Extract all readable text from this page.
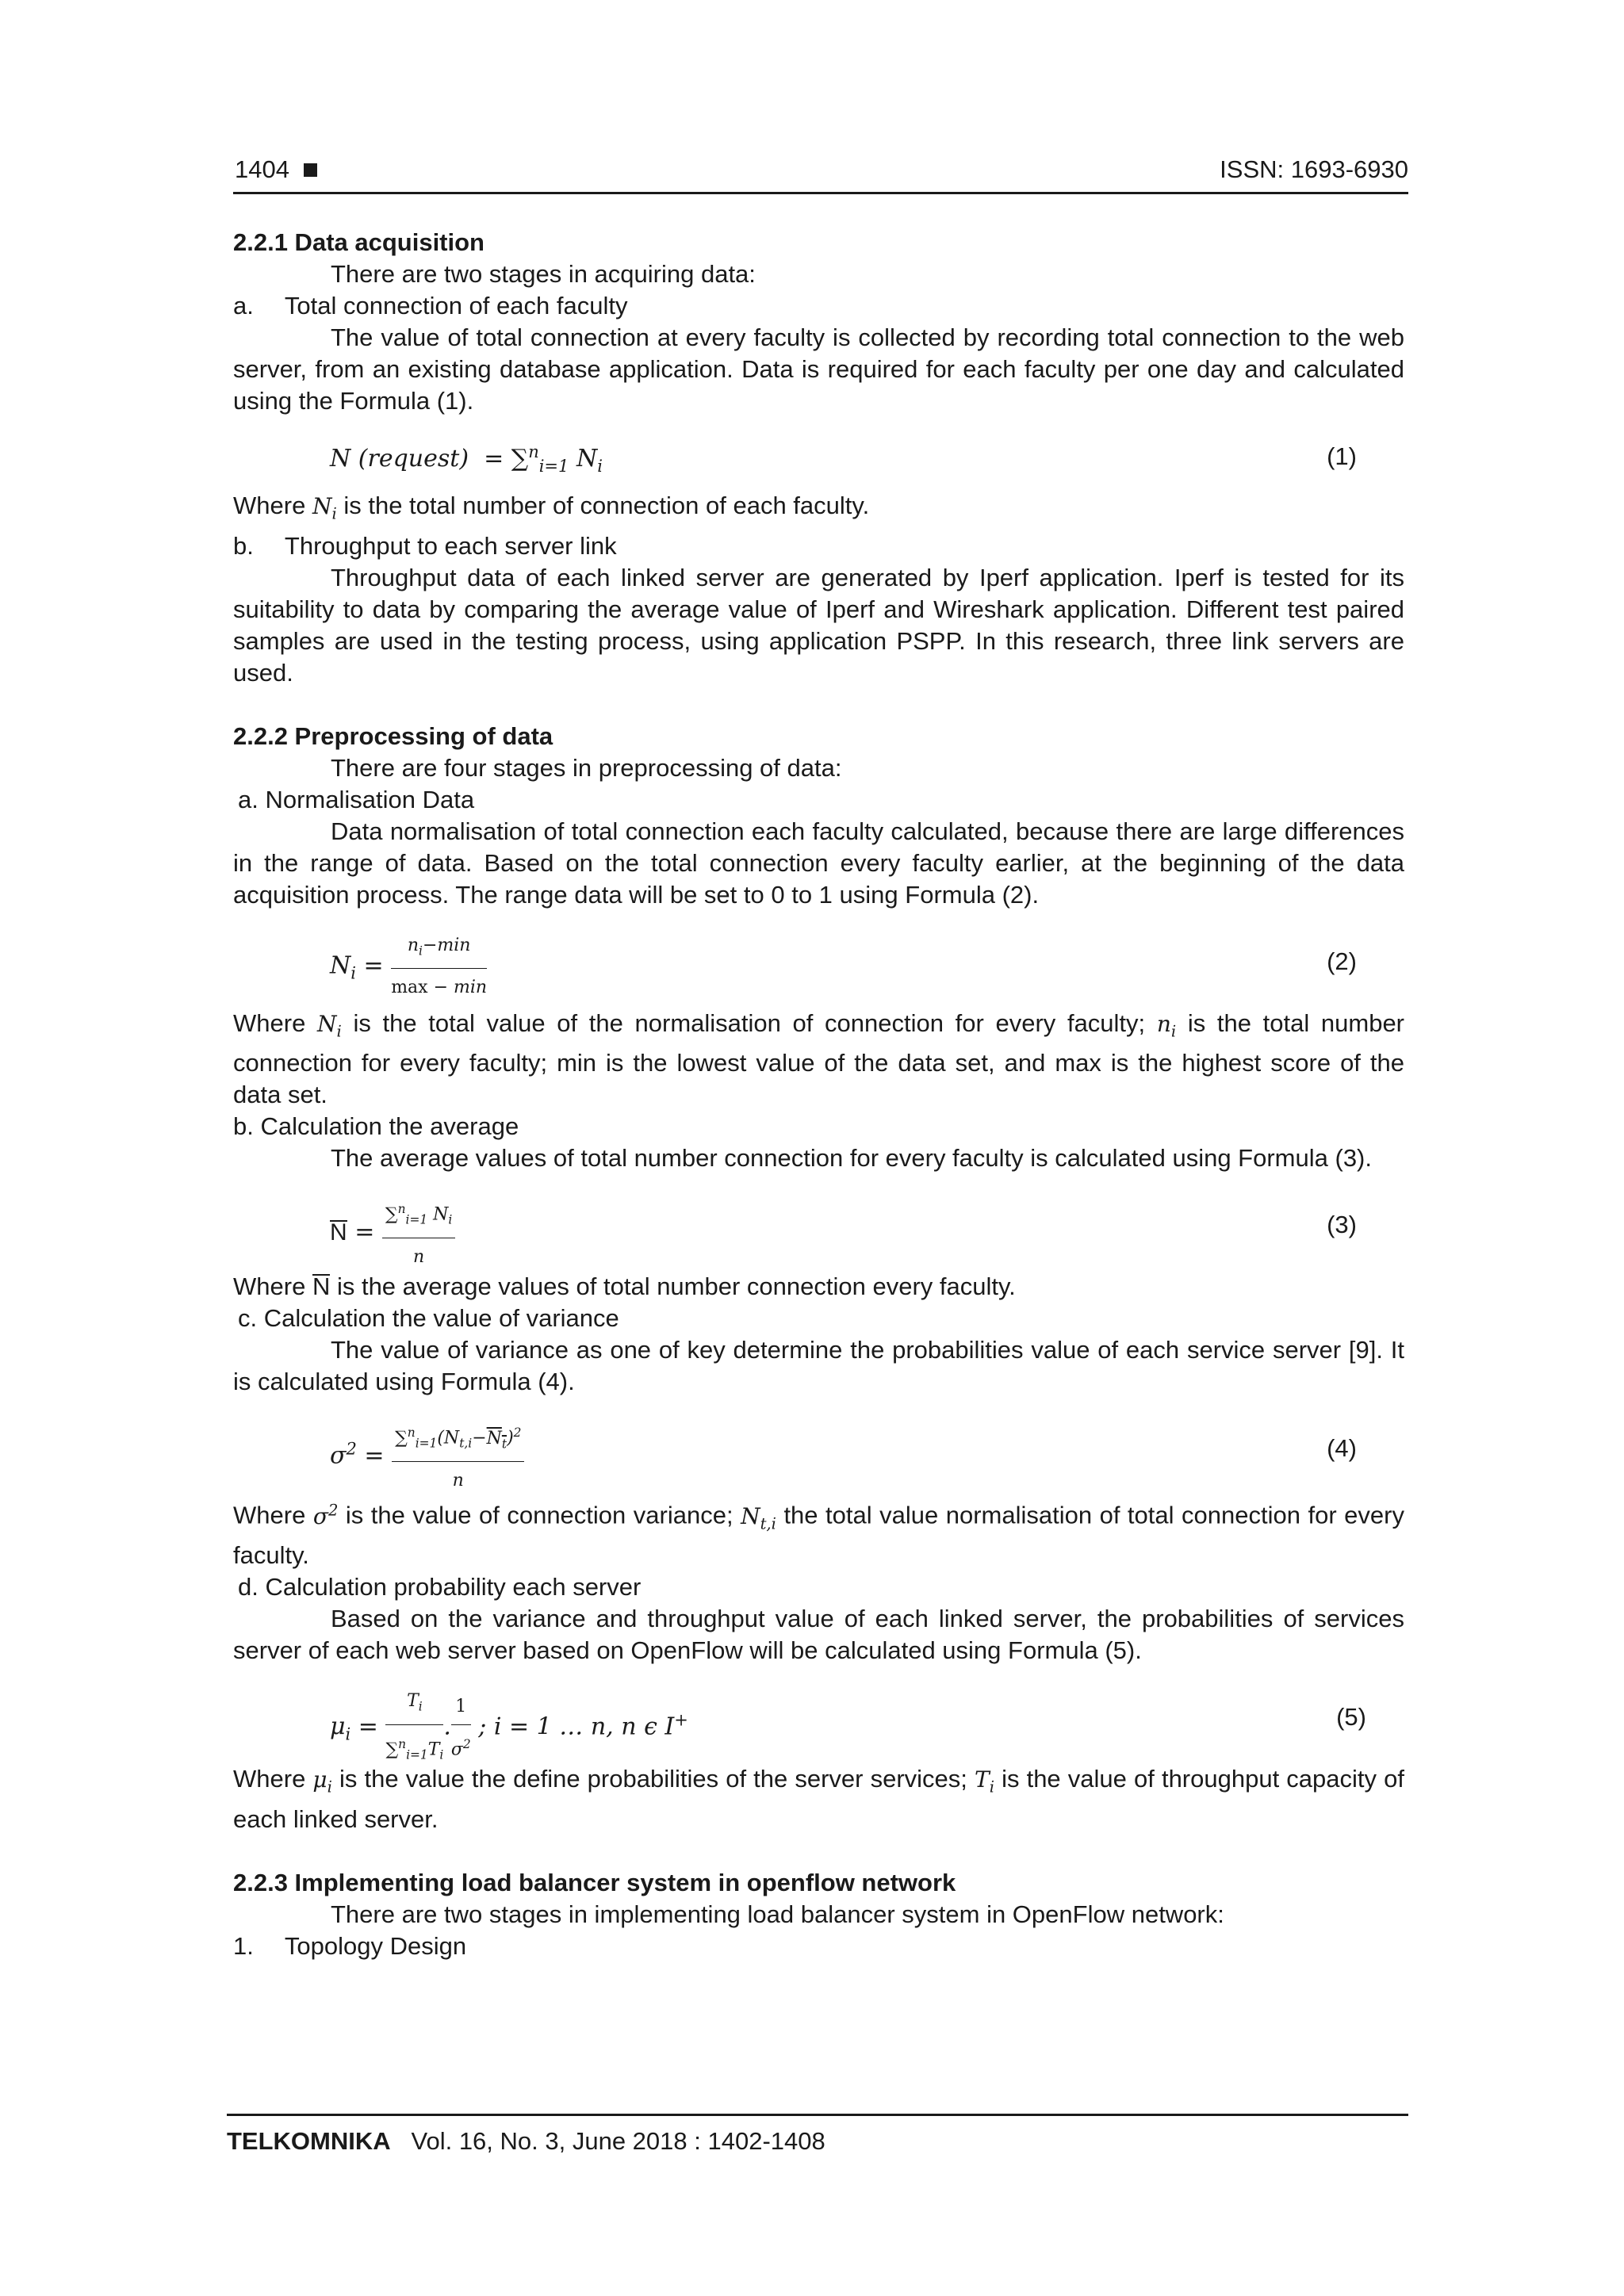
1404	ISSN: 1693-6930

2.2.1 Data acquisition

There are two stages in acquiring data:

a.  Total connection of each faculty

The value of total connection at every faculty is collected by recording total connection to the web server, from an existing database application. Data is required for each faculty per one day and calculated using the Formula (1).

N (request)  = ∑$^n_{i=1}$ $N_i$	(1)

Where $N_i$ is the total number of connection of each faculty.

b.  Throughput to each server link

Throughput data of each linked server are generated by Iperf application. Iperf is tested for its suitability to data by comparing the average value of Iperf and Wireshark application. Different test paired samples are used in the testing process, using application PSPP. In this research, three link servers are used.

2.2.2 Preprocessing of data

There are four stages in preprocessing of data:

a. Normalisation Data

Data normalisation of total connection each faculty calculated, because there are large differences in the range of data. Based on the total connection every faculty earlier, at the beginning of the data acquisition process. The range data will be set to 0 to 1 using Formula (2).

$N_i = \frac{n_i-\min}{\max - \min}$	(2)

Where $N_i$ is the total value of the normalisation of connection for every faculty; $n_i$ is the total number connection for every faculty; min is the lowest value of the data set, and max is the highest score of the data set.

b. Calculation the average

The average values of total number connection for every faculty is calculated using Formula (3).

$N = \frac{\sum^n_{i=1} N_i}{n}$	(3)

Where N is the average values of total number connection every faculty.

c. Calculation the value of variance

The value of variance as one of key determine the probabilities value of each service server [9]. It is calculated using Formula (4).

$\sigma^2 = \frac{\sum^n_{i=1}(N_{t,i}-N_t)^2}{n}$	(4)

Where $\sigma^2$ is the value of connection variance; $N_{t,i}$ the total value normalisation of total connection for every faculty.

d. Calculation probability each server

Based on the variance and throughput value of each linked server, the probabilities of services server of each web server based on OpenFlow will be calculated using Formula (5).

$\mu_i = \frac{T_i}{\sum^n_{i=1}T_i}$ . $\frac{1}{\sigma^2}$ ; i = 1 … n, n ϵ I+	(5)

Where $\mu_i$ is the value the define probabilities of the server services; $T_i$ is the value of throughput capacity of each linked server.

2.2.3 Implementing load balancer system in openflow network

There are two stages in implementing load balancer system in OpenFlow network:

1.  Topology Design

TELKOMNIKA Vol. 16, No. 3, June 2018 : 1402-1408
